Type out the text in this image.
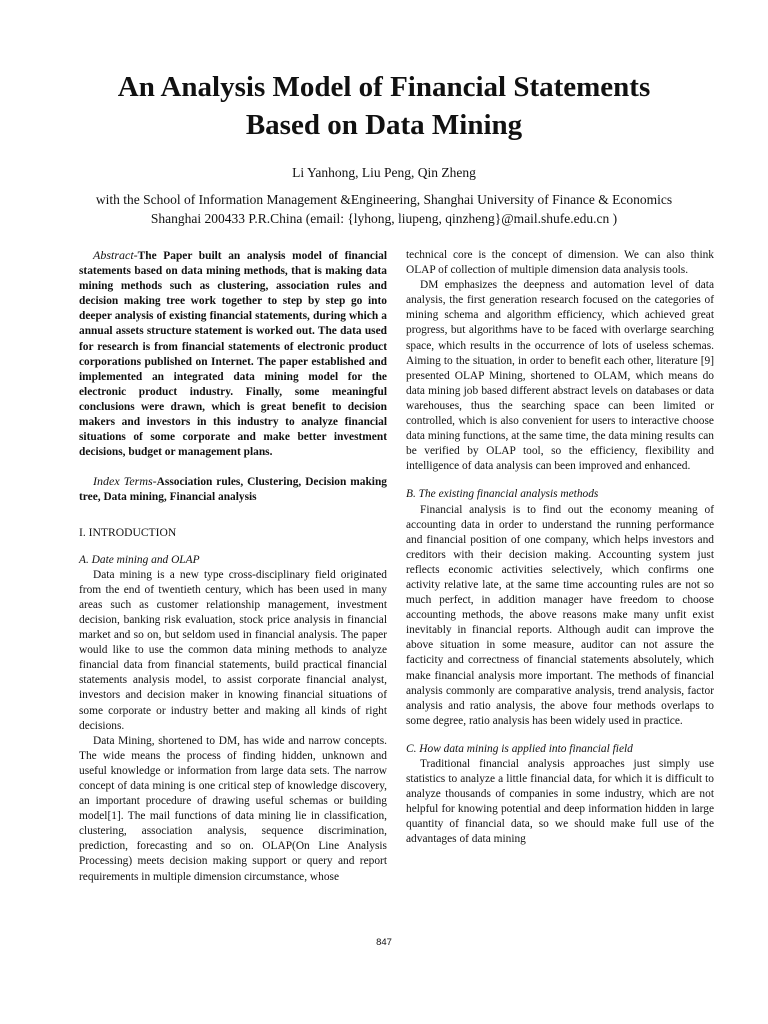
An Analysis Model of Financial Statements
Based on Data Mining
Li Yanhong, Liu Peng, Qin Zheng
with the School of Information Management &Engineering, Shanghai University of Finance & Economics
Shanghai 200433 P.R.China (email: {lyhong, liupeng, qinzheng}@mail.shufe.edu.cn )

Abstract-The Paper built an analysis model of financial statements based on data mining methods, that is making data mining methods such as clustering, association rules and decision making tree work together to step by step go into deeper analysis of existing financial statements, during which a annual assets structure statement is worked out. The data used for research is from financial statements of electronic product corporations published on Internet. The paper established and implemented an integrated data mining model for the electronic product industry. Finally, some meaningful conclusions were drawn, which is great benefit to decision makers and investors in this industry to analyze financial situations of some corporate and make better investment decisions, budget or management plans.

Index Terms-Association rules, Clustering, Decision making tree, Data mining, Financial analysis

I. INTRODUCTION

A. Date mining and OLAP

Data mining is a new type cross-disciplinary field originated from the end of twentieth century, which has been used in many areas such as customer relationship management, investment decision, banking risk evaluation, stock price analysis in financial market and so on, but seldom used in financial analysis. The paper would like to use the common data mining methods to analyze financial data from financial statements, build practical financial statements analysis model, to assist corporate financial analyst, investors and decision maker in knowing financial situations of some corporate or industry better and making all kinds of right decisions.

Data Mining, shortened to DM, has wide and narrow concepts. The wide means the process of finding hidden, unknown and useful knowledge or information from large data sets. The narrow concept of data mining is one critical step of knowledge discovery, an important procedure of drawing useful schemas or building model[1]. The mail functions of data mining lie in classification, clustering, association analysis, sequence discrimination, prediction, forecasting and so on. OLAP(On Line Analysis Processing) meets decision making support or query and report requirements in multiple dimension circumstance, whose

technical core is the concept of dimension. We can also think OLAP of collection of multiple dimension data analysis tools.

DM emphasizes the deepness and automation level of data analysis, the first generation research focused on the categories of mining schema and algorithm efficiency, which achieved great progress, but algorithms have to be faced with overlarge searching space, which results in the occurrence of lots of useless schemas. Aiming to the situation, in order to benefit each other, literature [9] presented OLAP Mining, shortened to OLAM, which means do data mining job based different abstract levels on databases or data warehouses, thus the searching space can been limited or controlled, which is also convenient for users to interactive choose data mining functions, at the same time, the data mining results can be verified by OLAP tool, so the efficiency, flexibility and intelligence of data analysis can been improved and enhanced.

B. The existing financial analysis methods

Financial analysis is to find out the economy meaning of accounting data in order to understand the running performance and financial position of one company, which helps investors and creditors with their decision making. Accounting system just reflects economic activities selectively, which confirms one activity relative late, at the same time accounting rules are not so much perfect, in addition manager have freedom to choose accounting methods, the above reasons make many unfit exist inevitably in financial reports. Although audit can improve the above situation in some measure, auditor can not assure the facticity and correctness of financial statements absolutely, which make financial analysis more important. The methods of financial analysis commonly are comparative analysis, trend analysis, factor analysis and ratio analysis, the above four methods overlaps to some degree, ratio analysis has been widely used in practice.

C. How data mining is applied into financial field

Traditional financial analysis approaches just simply use statistics to analyze a little financial data, for which it is difficult to analyze thousands of companies in some industry, which are not helpful for knowing potential and deep information hidden in large quantity of financial data, so we should make full use of the advantages of data mining

847
